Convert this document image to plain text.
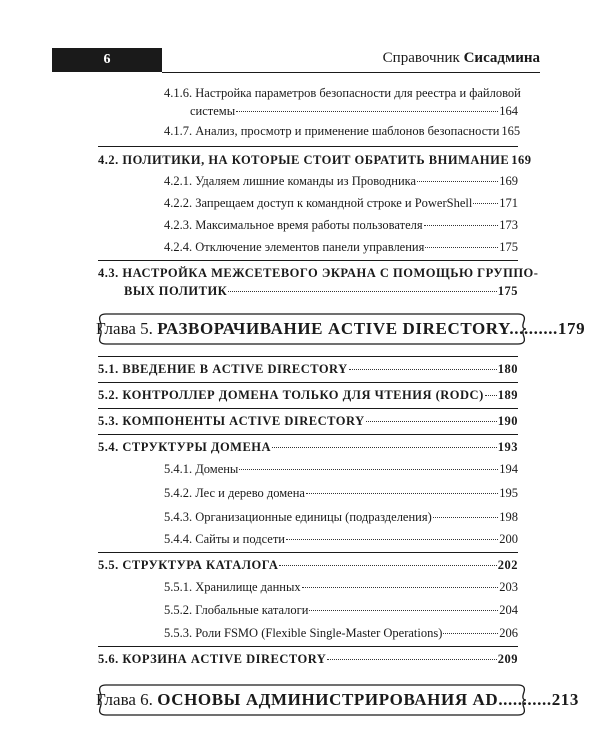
6	Справочник Сисадмина
4.1.6. Настройка параметров безопасности для реестра и файловой
системы	164
4.1.7. Анализ, просмотр и применение шаблонов безопасности 165
4.2. ПОЛИТИКИ, НА КОТОРЫЕ СТОИТ ОБРАТИТЬ ВНИМАНИЕ 169
4.2.1. Удаляем лишние команды из Проводника	169
4.2.2. Запрещаем доступ к командной строке и PowerShell 171
4.2.3. Максимальное время работы пользователя	173
4.2.4. Отключение элементов панели управления	175
4.3. НАСТРОЙКА МЕЖСЕТЕВОГО ЭКРАНА С ПОМОЩЬЮ ГРУППО-
ВЫХ ПОЛИТИК	175
Глава 5. РАЗВОРАЧИВАНИЕ ACTIVE DIRECTORY..........179
5.1. ВВЕДЕНИЕ В ACTIVE DIRECTORY	180
5.2. КОНТРОЛЛЕР ДОМЕНА ТОЛЬКО ДЛЯ ЧТЕНИЯ (RODC) 189
5.3. КОМПОНЕНТЫ ACTIVE DIRECTORY	190
5.4. СТРУКТУРЫ ДОМЕНА	193
5.4.1. Домены	194
5.4.2. Лес и дерево домена	195
5.4.3. Организационные единицы (подразделения)	198
5.4.4. Сайты и подсети	200
5.5. СТРУКТУРА КАТАЛОГА	202
5.5.1. Хранилище данных	203
5.5.2. Глобальные каталоги	204
5.5.3. Роли FSMO (Flexible Single-Master Operations)	206
5.6. КОРЗИНА ACTIVE DIRECTORY	209
Глава 6. ОСНОВЫ АДМИНИСТРИРОВАНИЯ AD...........213
